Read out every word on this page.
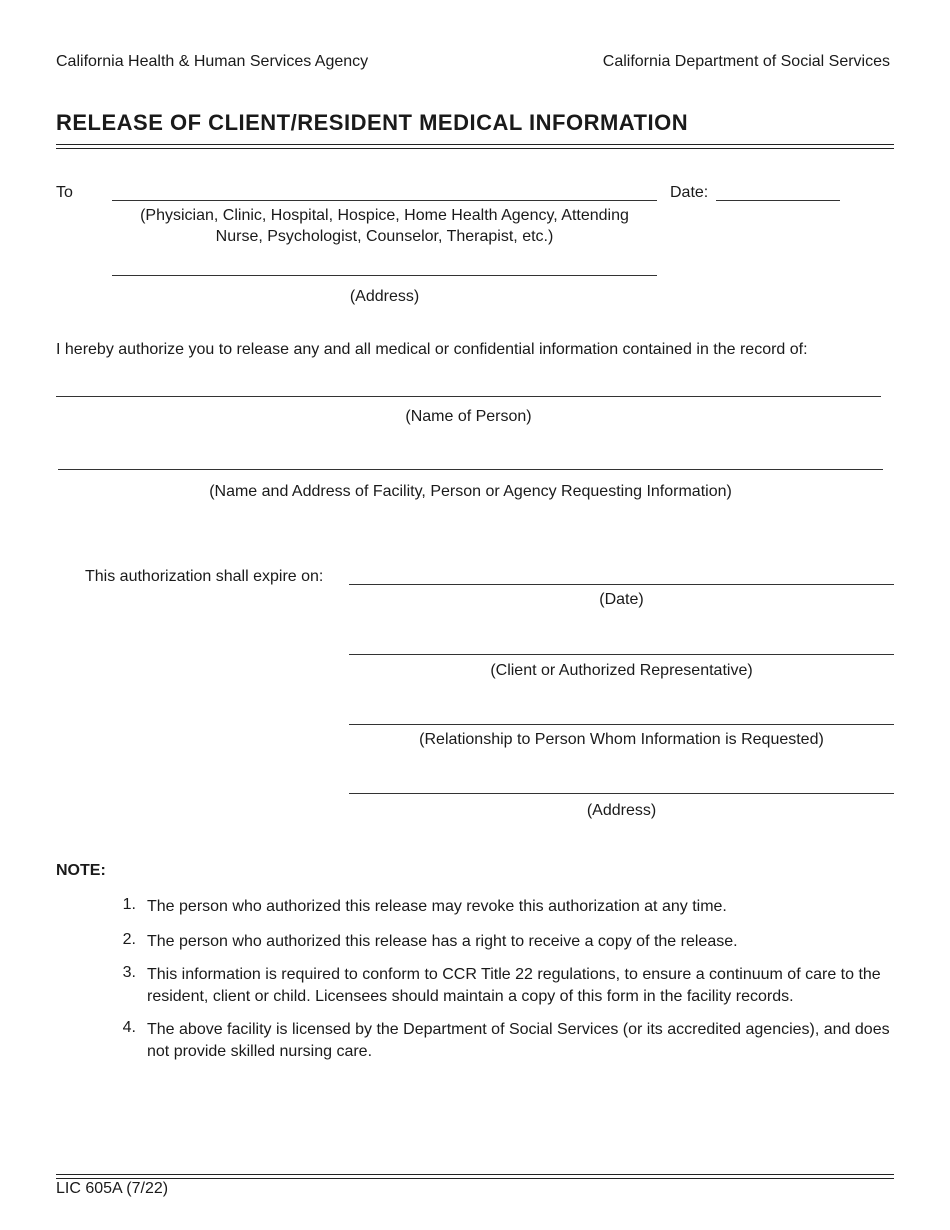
California Health & Human Services Agency	California Department of Social Services
RELEASE OF CLIENT/RESIDENT MEDICAL INFORMATION
To	Date:
(Physician, Clinic, Hospital, Hospice, Home Health Agency, Attending
Nurse, Psychologist, Counselor, Therapist, etc.)
(Address)
I hereby authorize you to release any and all medical or confidential information contained in the record of:
(Name of Person)
(Name and Address of Facility, Person or Agency Requesting Information)
This authorization shall expire on:
(Date)
(Client or Authorized Representative)
(Relationship to Person Whom Information is Requested)
(Address)
NOTE:
1. The person who authorized this release may revoke this authorization at any time.
2. The person who authorized this release has a right to receive a copy of the release.
3. This information is required to conform to CCR Title 22 regulations, to ensure a continuum of care to the resident, client or child. Licensees should maintain a copy of this form in the facility records.
4. The above facility is licensed by the Department of Social Services (or its accredited agencies), and does not provide skilled nursing care.
LIC 605A (7/22)
